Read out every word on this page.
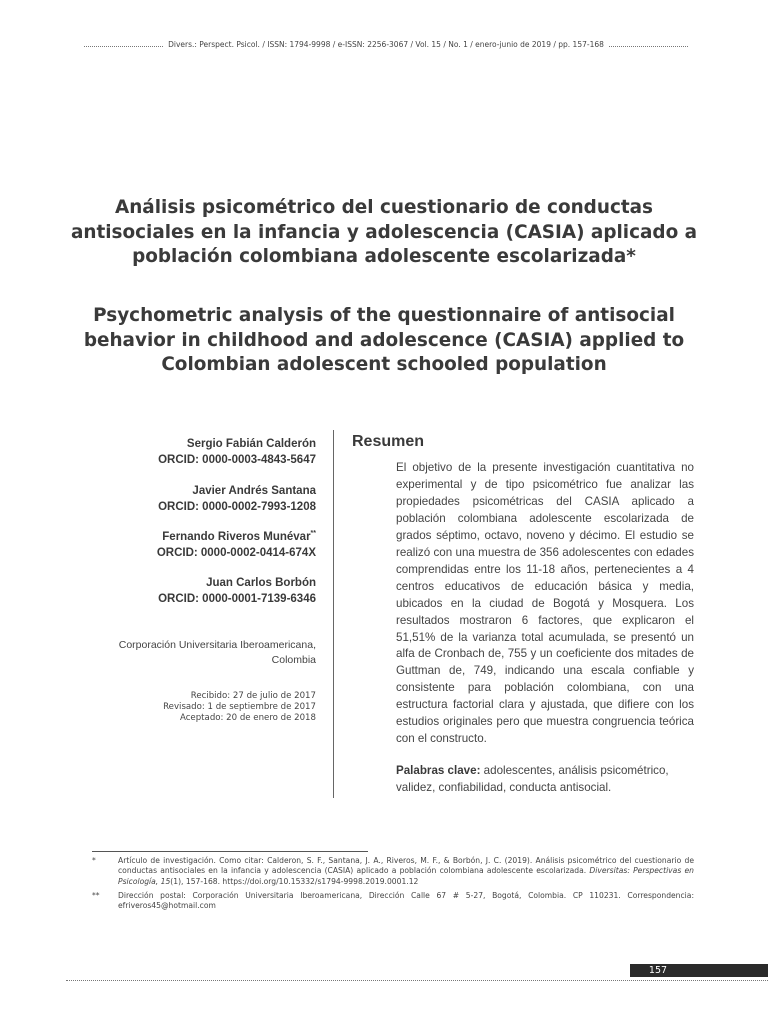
Divers.: Perspect. Psicol. / ISSN: 1794-9998 / e-ISSN: 2256-3067 / Vol. 15 / No. 1 / enero-junio de 2019 / pp. 157-168
Análisis psicométrico del cuestionario de conductas
antisociales en la infancia y adolescencia (CASIA) aplicado a
población colombiana adolescente escolarizada*
Psychometric analysis of the questionnaire of antisocial
behavior in childhood and adolescence (CASIA) applied to
Colombian adolescent schooled population
Sergio Fabián Calderón
ORCID: 0000-0003-4843-5647
Javier Andrés Santana
ORCID: 0000-0002-7993-1208
Fernando Riveros Munévar**
ORCID: 0000-0002-0414-674X
Juan Carlos Borbón
ORCID: 0000-0001-7139-6346
Corporación Universitaria Iberoamericana,
Colombia
Recibido: 27 de julio de 2017
Revisado: 1 de septiembre de 2017
Aceptado: 20 de enero de 2018
Resumen
El objetivo de la presente investigación cuantitativa no experimental y de tipo psicométrico fue analizar las propiedades psicométricas del CASIA aplicado a población colombiana adolescente escolarizada de grados séptimo, octavo, noveno y décimo. El estudio se realizó con una muestra de 356 adolescentes con edades comprendidas entre los 11-18 años, pertenecientes a 4 centros educativos de educación básica y media, ubicados en la ciudad de Bogotá y Mosquera. Los resultados mostraron 6 factores, que explicaron el 51,51% de la varianza total acumulada, se presentó un alfa de Cronbach de, 755 y un coeficiente dos mitades de Guttman de, 749, indicando una escala confiable y consistente para población colombiana, con una estructura factorial clara y ajustada, que difiere con los estudios originales pero que muestra congruencia teórica con el constructo.
Palabras clave: adolescentes, análisis psicométrico, validez, confiabilidad, conducta antisocial.
*	Artículo de investigación. Como citar: Calderon, S. F., Santana, J. A., Riveros, M. F., & Borbón, J. C. (2019). Análisis psicométrico del cuestionario de conductas antisociales en la infancia y adolescencia (CASIA) aplicado a población colombiana adolescente escolarizada. Diversitas: Perspectivas en Psicología, 15(1), 157-168. https://doi.org/10.15332/s1794-9998.2019.0001.12
** Dirección postal: Corporación Universitaria Iberoamericana, Dirección Calle 67 # 5-27, Bogotá, Colombia. CP 110231. Correspondencia: efriveros45@hotmail.com
157
